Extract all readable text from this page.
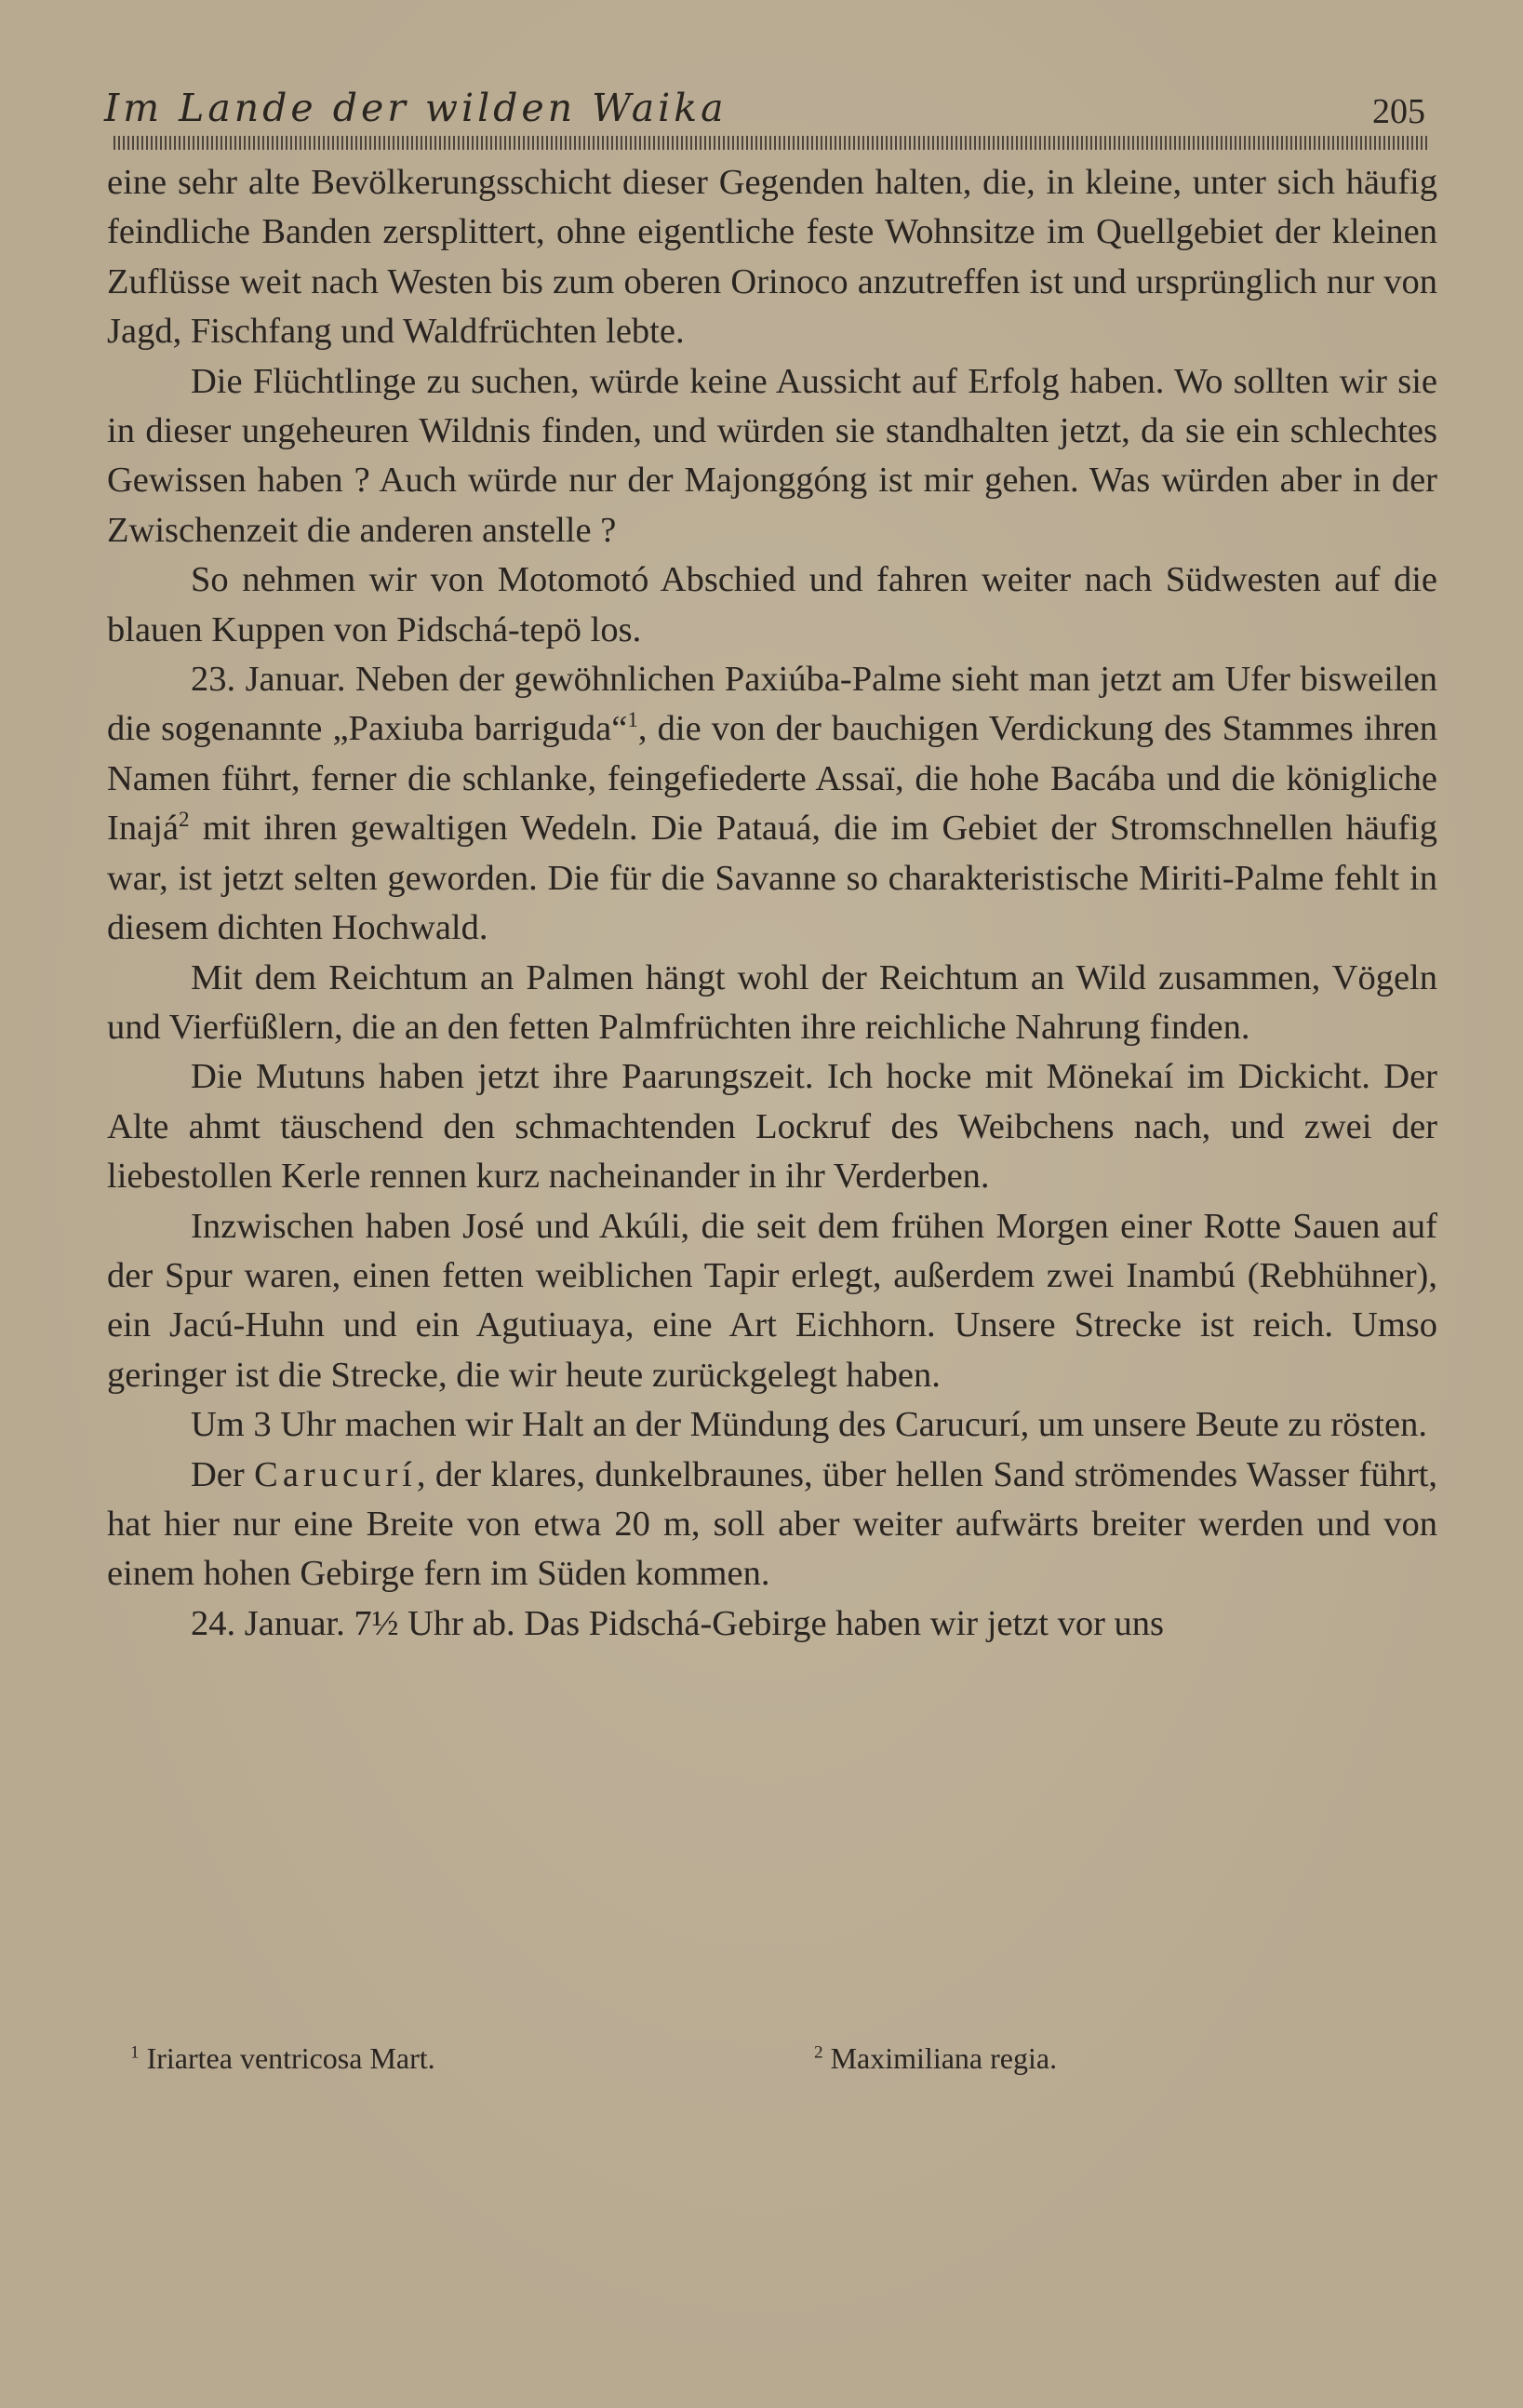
Im Lande der wilden Waika	205

eine sehr alte Bevölkerungsschicht dieser Gegenden halten, die, in kleine, unter sich häufig feindliche Banden zersplittert, ohne eigentliche feste Wohnsitze im Quellgebiet der kleinen Zuflüsse weit nach Westen bis zum oberen Orinoco anzutreffen ist und ursprünglich nur von Jagd, Fischfang und Waldfrüchten lebte.

Die Flüchtlinge zu suchen, würde keine Aussicht auf Erfolg haben. Wo sollten wir sie in dieser ungeheuren Wildnis finden, und würden sie standhalten jetzt, da sie ein schlechtes Gewissen haben ? Auch würde nur der Majonggóng ist mir gehen. Was würden aber in der Zwischenzeit die anderen anstelle ?

So nehmen wir von Motomotó Abschied und fahren weiter nach Südwesten auf die blauen Kuppen von Pidschá-tepö los.

23. Januar. Neben der gewöhnlichen Paxiúba-Palme sieht man jetzt am Ufer bisweilen die sogenannte „Paxiuba barriguda“$^1$, die von der bauchigen Verdickung des Stammes ihren Namen führt, ferner die schlanke, feingefiederte Assaï, die hohe Bacába und die königliche Inajá$^2$ mit ihren gewaltigen Wedeln. Die Patauá, die im Gebiet der Stromschnellen häufig war, ist jetzt selten geworden. Die für die Savanne so charakteristische Miriti-Palme fehlt in diesem dichten Hochwald.

Mit dem Reichtum an Palmen hängt wohl der Reichtum an Wild zusammen, Vögeln und Vierfüßlern, die an den fetten Palmfrüchten ihre reichliche Nahrung finden.

Die Mutuns haben jetzt ihre Paarungszeit. Ich hocke mit Mönekaí im Dickicht. Der Alte ahmt täuschend den schmachtenden Lockruf des Weibchens nach, und zwei der liebestollen Kerle rennen kurz nacheinander in ihr Verderben.

Inzwischen haben José und Akúli, die seit dem frühen Morgen einer Rotte Sauen auf der Spur waren, einen fetten weiblichen Tapir erlegt, außerdem zwei Inambú (Rebhühner), ein Jacú-Huhn und ein Agutiuaya, eine Art Eichhorn. Unsere Strecke ist reich. Umso geringer ist die Strecke, die wir heute zurückgelegt haben.

Um 3 Uhr machen wir Halt an der Mündung des Carucurí, um unsere Beute zu rösten.

Der Carucurí, der klares, dunkelbraunes, über hellen Sand strömendes Wasser führt, hat hier nur eine Breite von etwa 20 m, soll aber weiter aufwärts breiter werden und von einem hohen Gebirge fern im Süden kommen.

24. Januar. 7½ Uhr ab. Das Pidschá-Gebirge haben wir jetzt vor uns

$^1$ Iriartea ventricosa Mart.	$^2$ Maximiliana regia.
